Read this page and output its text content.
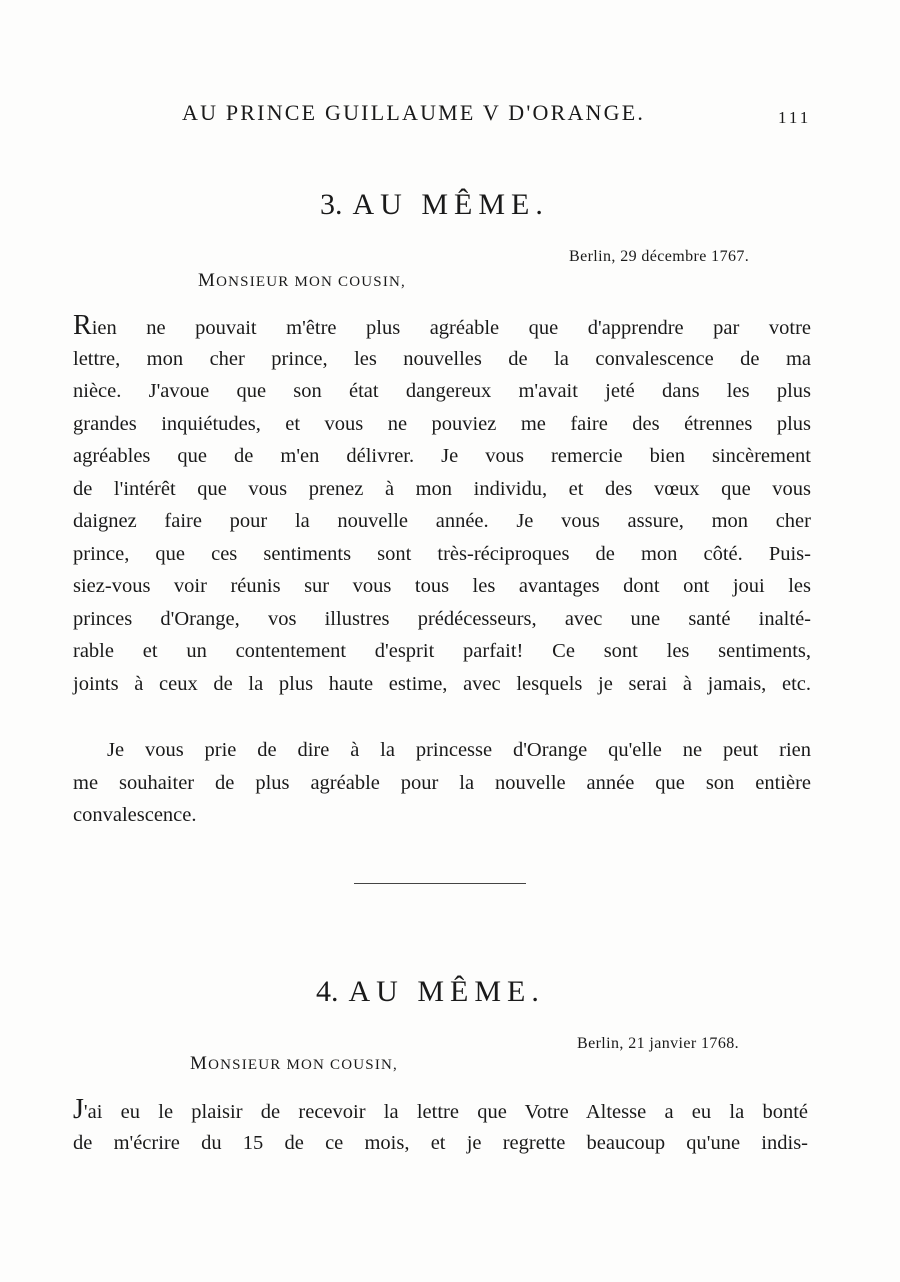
AU PRINCE GUILLAUME V D'ORANGE.	111
3. AU MÊME.
Berlin, 29 décembre 1767.
MONSIEUR MON COUSIN,
Rien ne pouvait m'être plus agréable que d'apprendre par votre
lettre, mon cher prince, les nouvelles de la convalescence de ma
nièce. J'avoue que son état dangereux m'avait jeté dans les plus
grandes inquiétudes, et vous ne pouviez me faire des étrennes plus
agréables que de m'en délivrer. Je vous remercie bien sincèrement
de l'intérêt que vous prenez à mon individu, et des vœux que vous
daignez faire pour la nouvelle année. Je vous assure, mon cher
prince, que ces sentiments sont très-réciproques de mon côté. Puis-
siez-vous voir réunis sur vous tous les avantages dont ont joui les
princes d'Orange, vos illustres prédécesseurs, avec une santé inalté-
rable et un contentement d'esprit parfait! Ce sont les sentiments,
joints à ceux de la plus haute estime, avec lesquels je serai à jamais, etc.
Je vous prie de dire à la princesse d'Orange qu'elle ne peut rien
me souhaiter de plus agréable pour la nouvelle année que son entière
convalescence.
4. AU MÊME.
Berlin, 21 janvier 1768.
MONSIEUR MON COUSIN,
J'ai eu le plaisir de recevoir la lettre que Votre Altesse a eu la bonté
de m'écrire du 15 de ce mois, et je regrette beaucoup qu'une indis-
